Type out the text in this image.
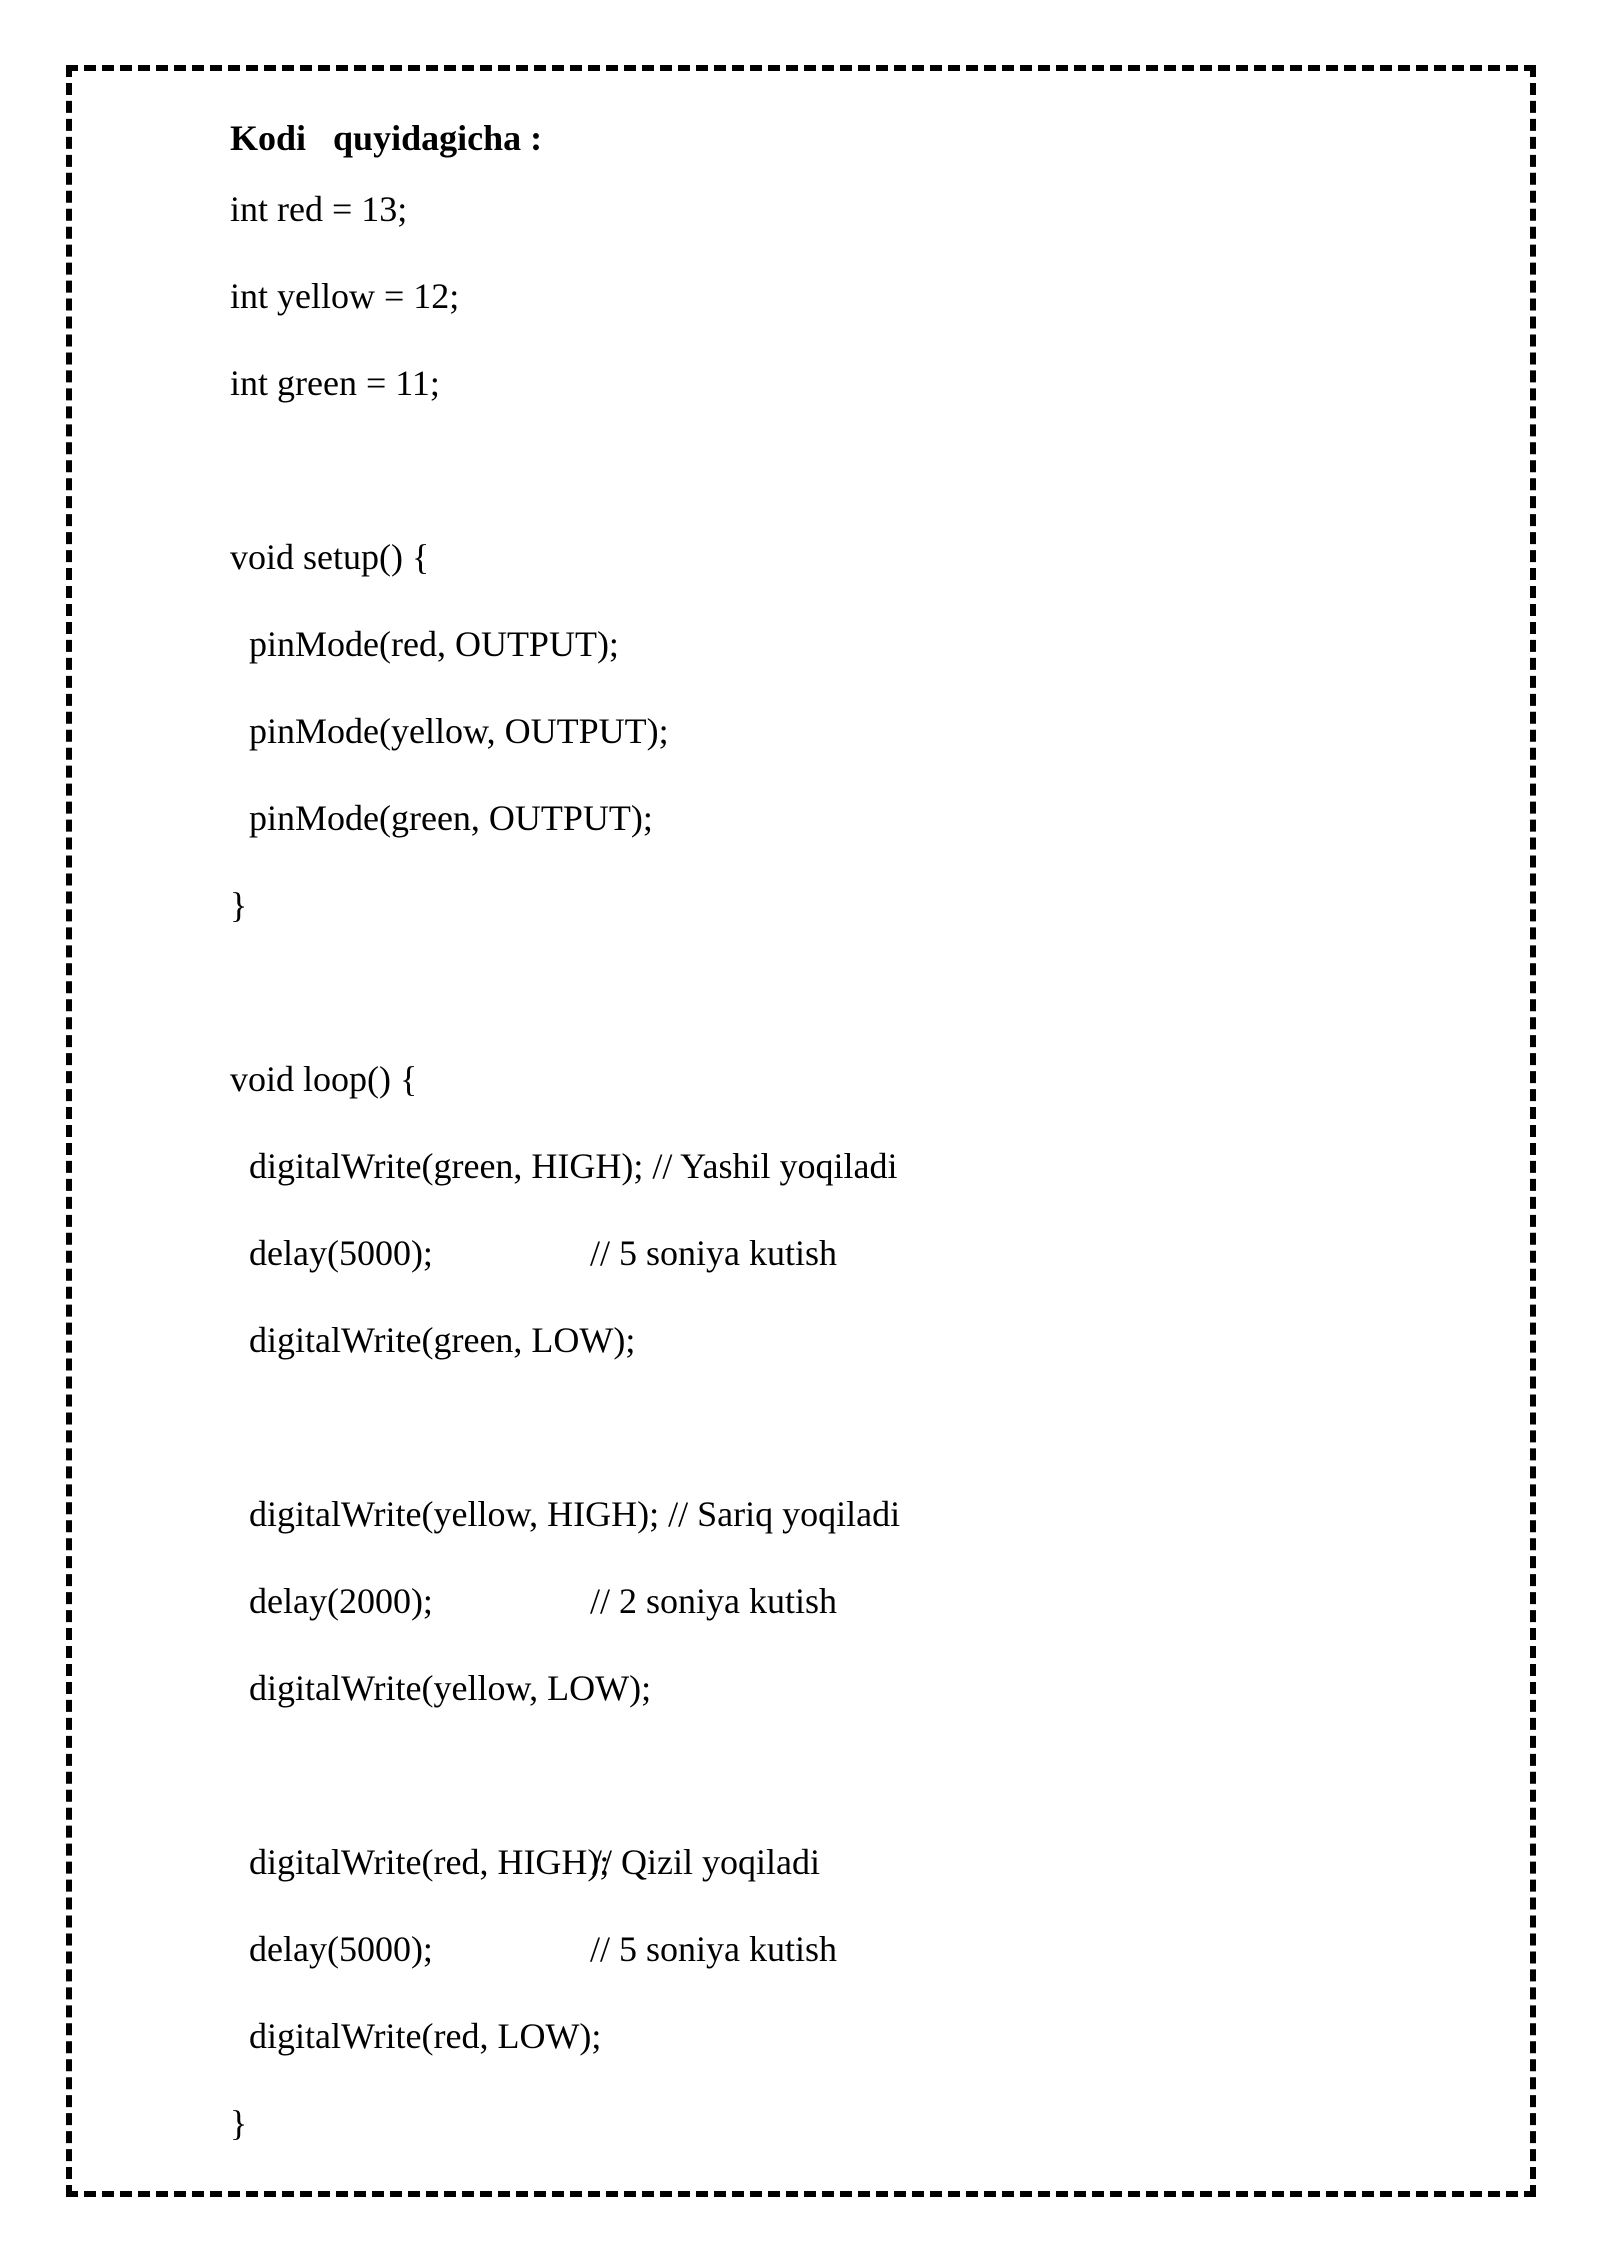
Kodi   quyidagicha :
int red = 13;
int yellow = 12;
int green = 11;
void setup() {
pinMode(red, OUTPUT);
pinMode(yellow, OUTPUT);
pinMode(green, OUTPUT);
}
void loop() {
digitalWrite(green, HIGH); // Yashil yoqiladi
delay(5000);	// 5 soniya kutish
digitalWrite(green, LOW);
digitalWrite(yellow, HIGH); // Sariq yoqiladi
delay(2000);	// 2 soniya kutish
digitalWrite(yellow, LOW);
digitalWrite(red, HIGH);
// Qizil yoqiladi
delay(5000);	// 5 soniya kutish
digitalWrite(red, LOW);
}
